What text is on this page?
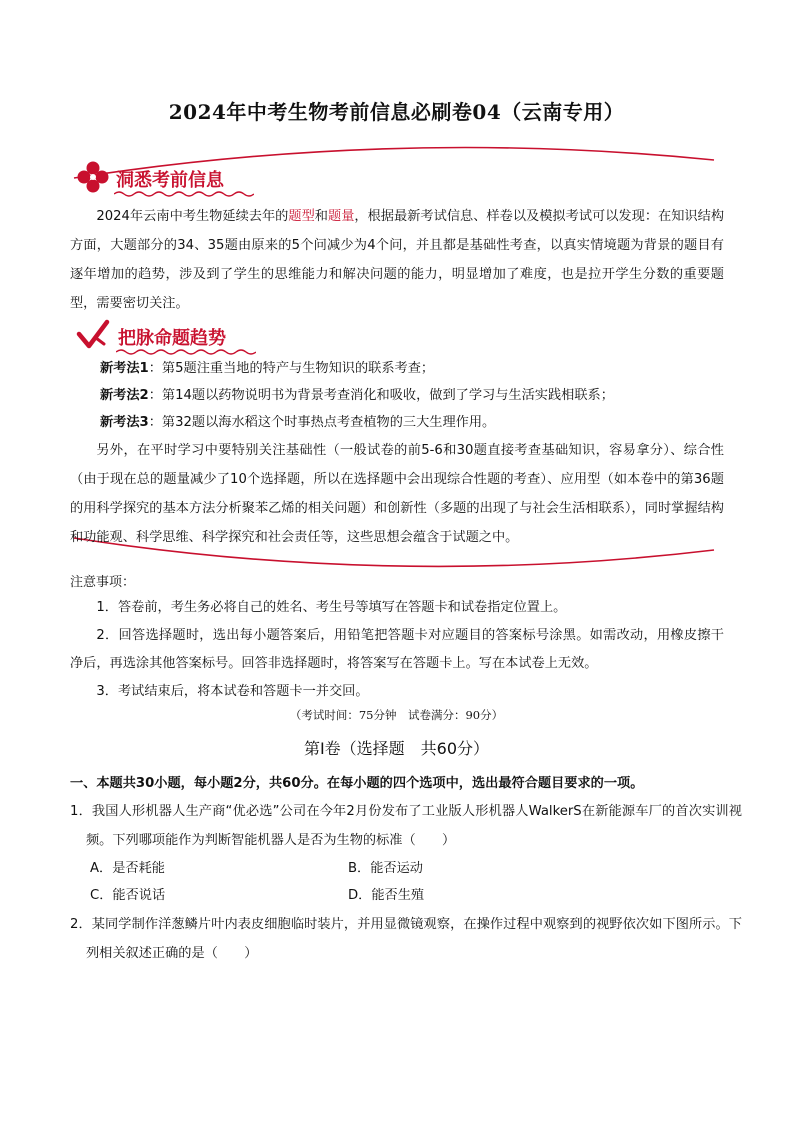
2024年中考生物考前信息必刷卷04（云南专用）
洞悉考前信息
2024年云南中考生物延续去年的题型和题量，根据最新考试信息、样卷以及模拟考试可以发现：在知识结构方面，大题部分的34、35题由原来的5个问减少为4个问，并且都是基础性考查，以真实情境题为背景的题目有逐年增加的趋势，涉及到了学生的思维能力和解决问题的能力，明显增加了难度，也是拉开学生分数的重要题型，需要密切关注。
把脉命题趋势
新考法1：第5题注重当地的特产与生物知识的联系考查；
新考法2：第14题以药物说明书为背景考查消化和吸收，做到了学习与生活实践相联系；
新考法3：第32题以海水稻这个时事热点考查植物的三大生理作用。
另外，在平时学习中要特别关注基础性（一般试卷的前5-6和30题直接考查基础知识，容易拿分）、综合性（由于现在总的题量减少了10个选择题，所以在选择题中会出现综合性题的考查）、应用型（如本卷中的第36题的用科学探究的基本方法分析聚苯乙烯的相关问题）和创新性（多题的出现了与社会生活相联系），同时掌握结构和功能观、科学思维、科学探究和社会责任等，这些思想会蕴含于试题之中。
注意事项：
1．答卷前，考生务必将自己的姓名、考生号等填写在答题卡和试卷指定位置上。
2．回答选择题时，选出每小题答案后，用铅笔把答题卡对应题目的答案标号涂黑。如需改动，用橡皮擦干净后，再选涂其他答案标号。回答非选择题时，将答案写在答题卡上。写在本试卷上无效。
3．考试结束后，将本试卷和答题卡一并交回。
（考试时间：75分钟　试卷满分：90分）
第Ⅰ卷（选择题　共60分）
一、本题共30小题，每小题2分，共60分。在每小题的四个选项中，选出最符合题目要求的一项。
1．我国人形机器人生产商“优必选”公司在今年2月份发布了工业版人形机器人WalkerS在新能源车厂的首次实训视频。下列哪项能作为判断智能机器人是否为生物的标准（　　）
A．是否耗能	B．能否运动
C．能否说话	D．能否生殖
2．某同学制作洋葱鳞片叶内表皮细胞临时装片，并用显微镜观察，在操作过程中观察到的视野依次如下图所示。下列相关叙述正确的是（　　）
